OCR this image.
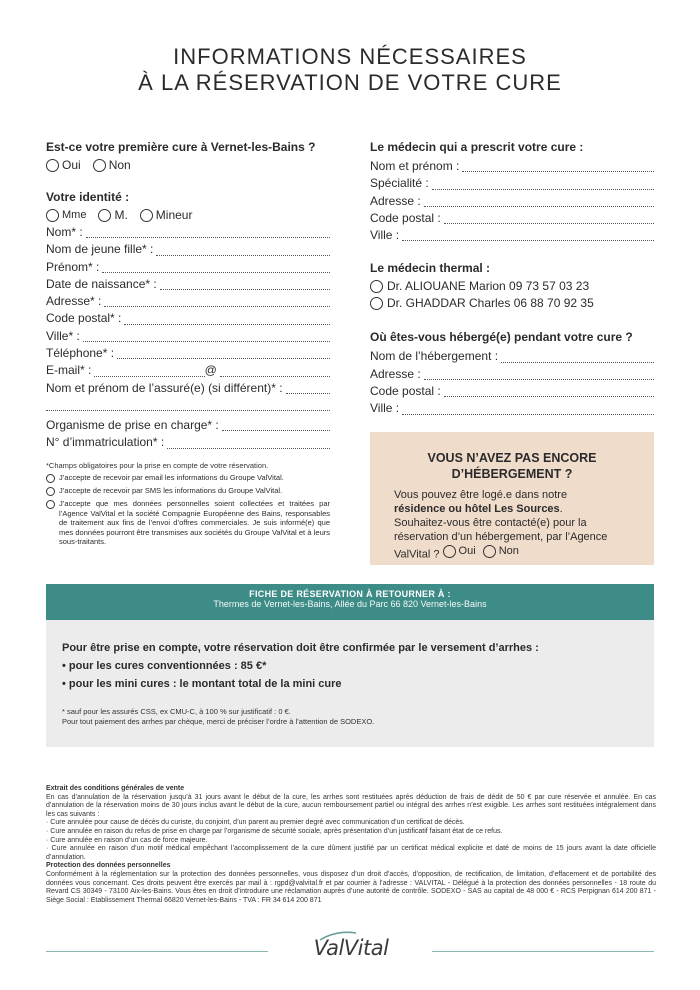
INFORMATIONS NÉCESSAIRES
À LA RÉSERVATION DE VOTRE CURE
Est-ce votre première cure à Vernet-les-Bains ?
Oui Non
Votre identité :
Mme M. Mineur
Nom* :
Nom de jeune fille* :
Prénom* :
Date de naissance* :
Adresse* :
Code postal* :
Ville* :
Téléphone* :
E-mail* :	@
Nom et prénom de l’assuré(e) (si différent)* :
Organisme de prise en charge* :
N° d’immatriculation* :
*Champs obligatoires pour la prise en compte de votre réservation.
J’accepte de recevoir par email les informations du Groupe ValVital.
J’accepte de recevoir par SMS les informations du Groupe ValVital.
J’accepte que mes données personnelles soient collectées et traitées par l’Agence ValVital et la société Compagnie Européenne des Bains, responsables de traitement aux fins de l’envoi d’offres commerciales. Je suis informé(e) que mes données pourront être transmises aux sociétés du Groupe ValVital et à leurs sous-traitants.
Le médecin qui a prescrit votre cure :
Nom et prénom :
Spécialité :
Adresse :
Code postal :
Ville :
Le médecin thermal :
Dr. ALIOUANE Marion 09 73 57 03 23
Dr. GHADDAR Charles 06 88 70 92 35
Où êtes-vous hébergé(e) pendant votre cure ?
Nom de l’hébergement :
Adresse :
Code postal :
Ville :
VOUS N’AVEZ PAS ENCORE
D’HÉBERGEMENT ?

Vous pouvez être logé.e dans notre
résidence ou hôtel Les Sources.

Souhaitez-vous être contacté(e) pour la réservation d’un hébergement, par l’Agence ValVital ? Oui
Non

FICHE DE RÉSERVATION À RETOURNER À :
Thermes de Vernet-les-Bains, Allée du Parc 66 820 Vernet-les-Bains
Pour être prise en compte, votre réservation doit être confirmée par le versement d’arrhes :
• pour les cures conventionnées : 85 €*
• pour les mini cures : le montant total de la mini cure
* sauf pour les assurés CSS, ex CMU-C, à 100 % sur justificatif : 0 €.
Pour tout paiement des arrhes par chèque, merci de préciser l’ordre à l’attention de SODEXO.
Extrait des conditions générales de vente
En cas d’annulation de la réservation jusqu’à 31 jours avant le début de la cure, les arrhes sont restituées après déduction de frais de dédit de 50 € par cure réservée et annulée. En cas d’annulation de la réservation moins de 30 jours inclus avant le début de la cure, aucun remboursement partiel ou intégral des arrhes n’est exigible. Les arrhes sont restituées intégralement dans les cas suivants :
· Cure annulée pour cause de décès du curiste, du conjoint, d’un parent au premier degré avec communication d’un certificat de décès.
· Cure annulée en raison du refus de prise en charge par l’organisme de sécurité sociale, après présentation d’un justificatif faisant état de ce refus.
· Cure annulée en raison d’un cas de force majeure.
· Cure annulée en raison d’un motif médical empêchant l’accomplissement de la cure dûment justifié par un certificat médical explicite et daté de moins de 15 jours avant la date officielle d’annulation.
Protection des données personnelles
Conformément à la réglementation sur la protection des données personnelles, vous disposez d’un droit d’accès, d’opposition, de rectification, de limitation, d’effacement et de portabilité des données vous concernant. Ces droits peuvent être exercés par mail à : rgpd@valvital.fr et par courrier à l’adresse : VALVITAL - Délégué à la protection des données personnelles - 18 route du Revard CS 30349 - 73100 Aix-les-Bains. Vous êtes en droit d’introduire une réclamation auprès d’une autorité de contrôle. SODEXO - SAS au capital de 48 000 € - RCS Perpignan 614 200 871 - Siège Social : Etablissement Thermal 66820 Vernet-les-Bains - TVA : FR 34 614 200 871
ValVital
